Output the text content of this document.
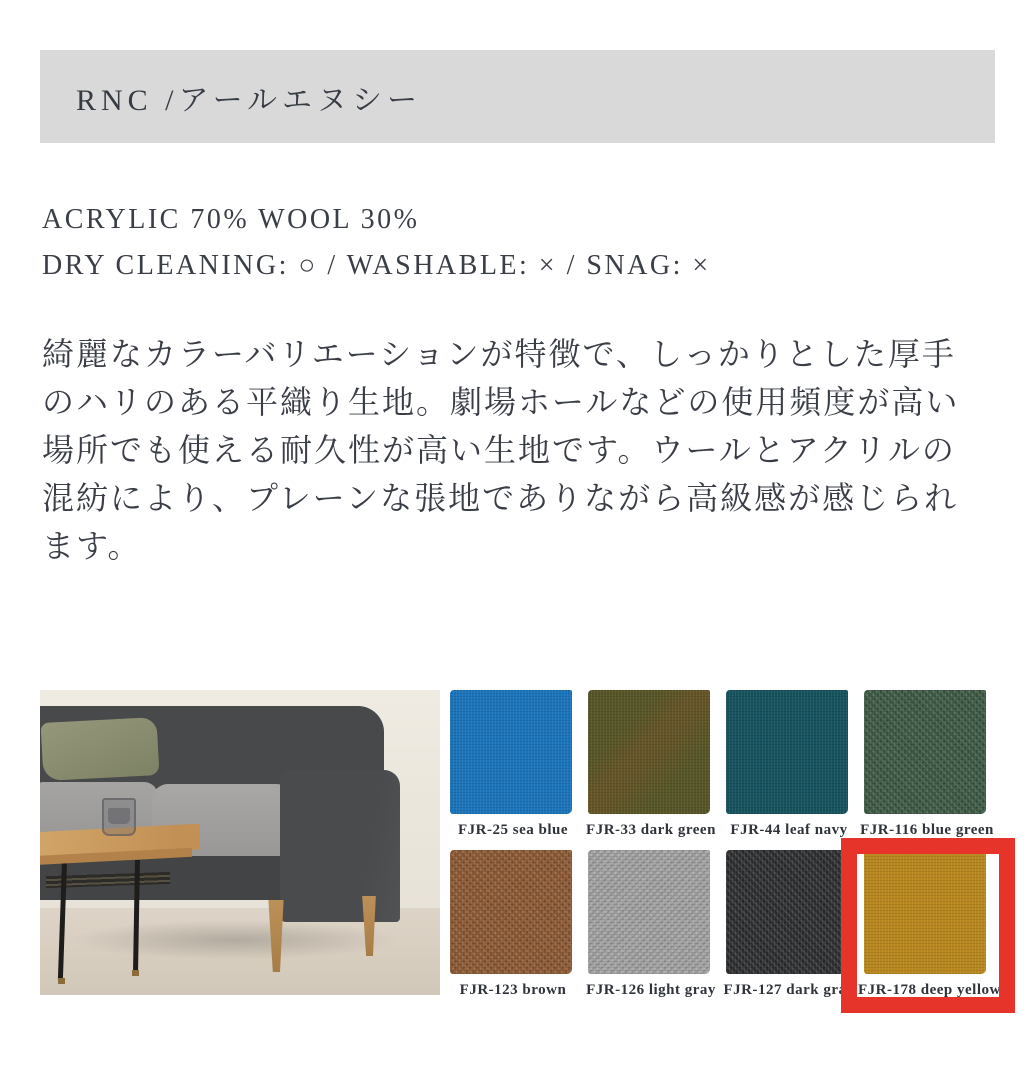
RNC /アールエヌシー
ACRYLIC 70% WOOL 30%
DRY CLEANING: ○ / WASHABLE: × / SNAG: ×
綺麗なカラーバリエーションが特徴で、しっかりとした厚手
のハリのある平織り生地。劇場ホールなどの使用頻度が高い
場所でも使える耐久性が高い生地です。ウールとアクリルの
混紡により、プレーンな張地でありながら高級感が感じられ
ます。
FJR-25 sea blue	FJR-33 dark green FJR-44 leaf navy FJR-116 blue green
FJR-123 brown	FJR-126 light gray FJR-127 dark gray FJR-178 deep yellow
